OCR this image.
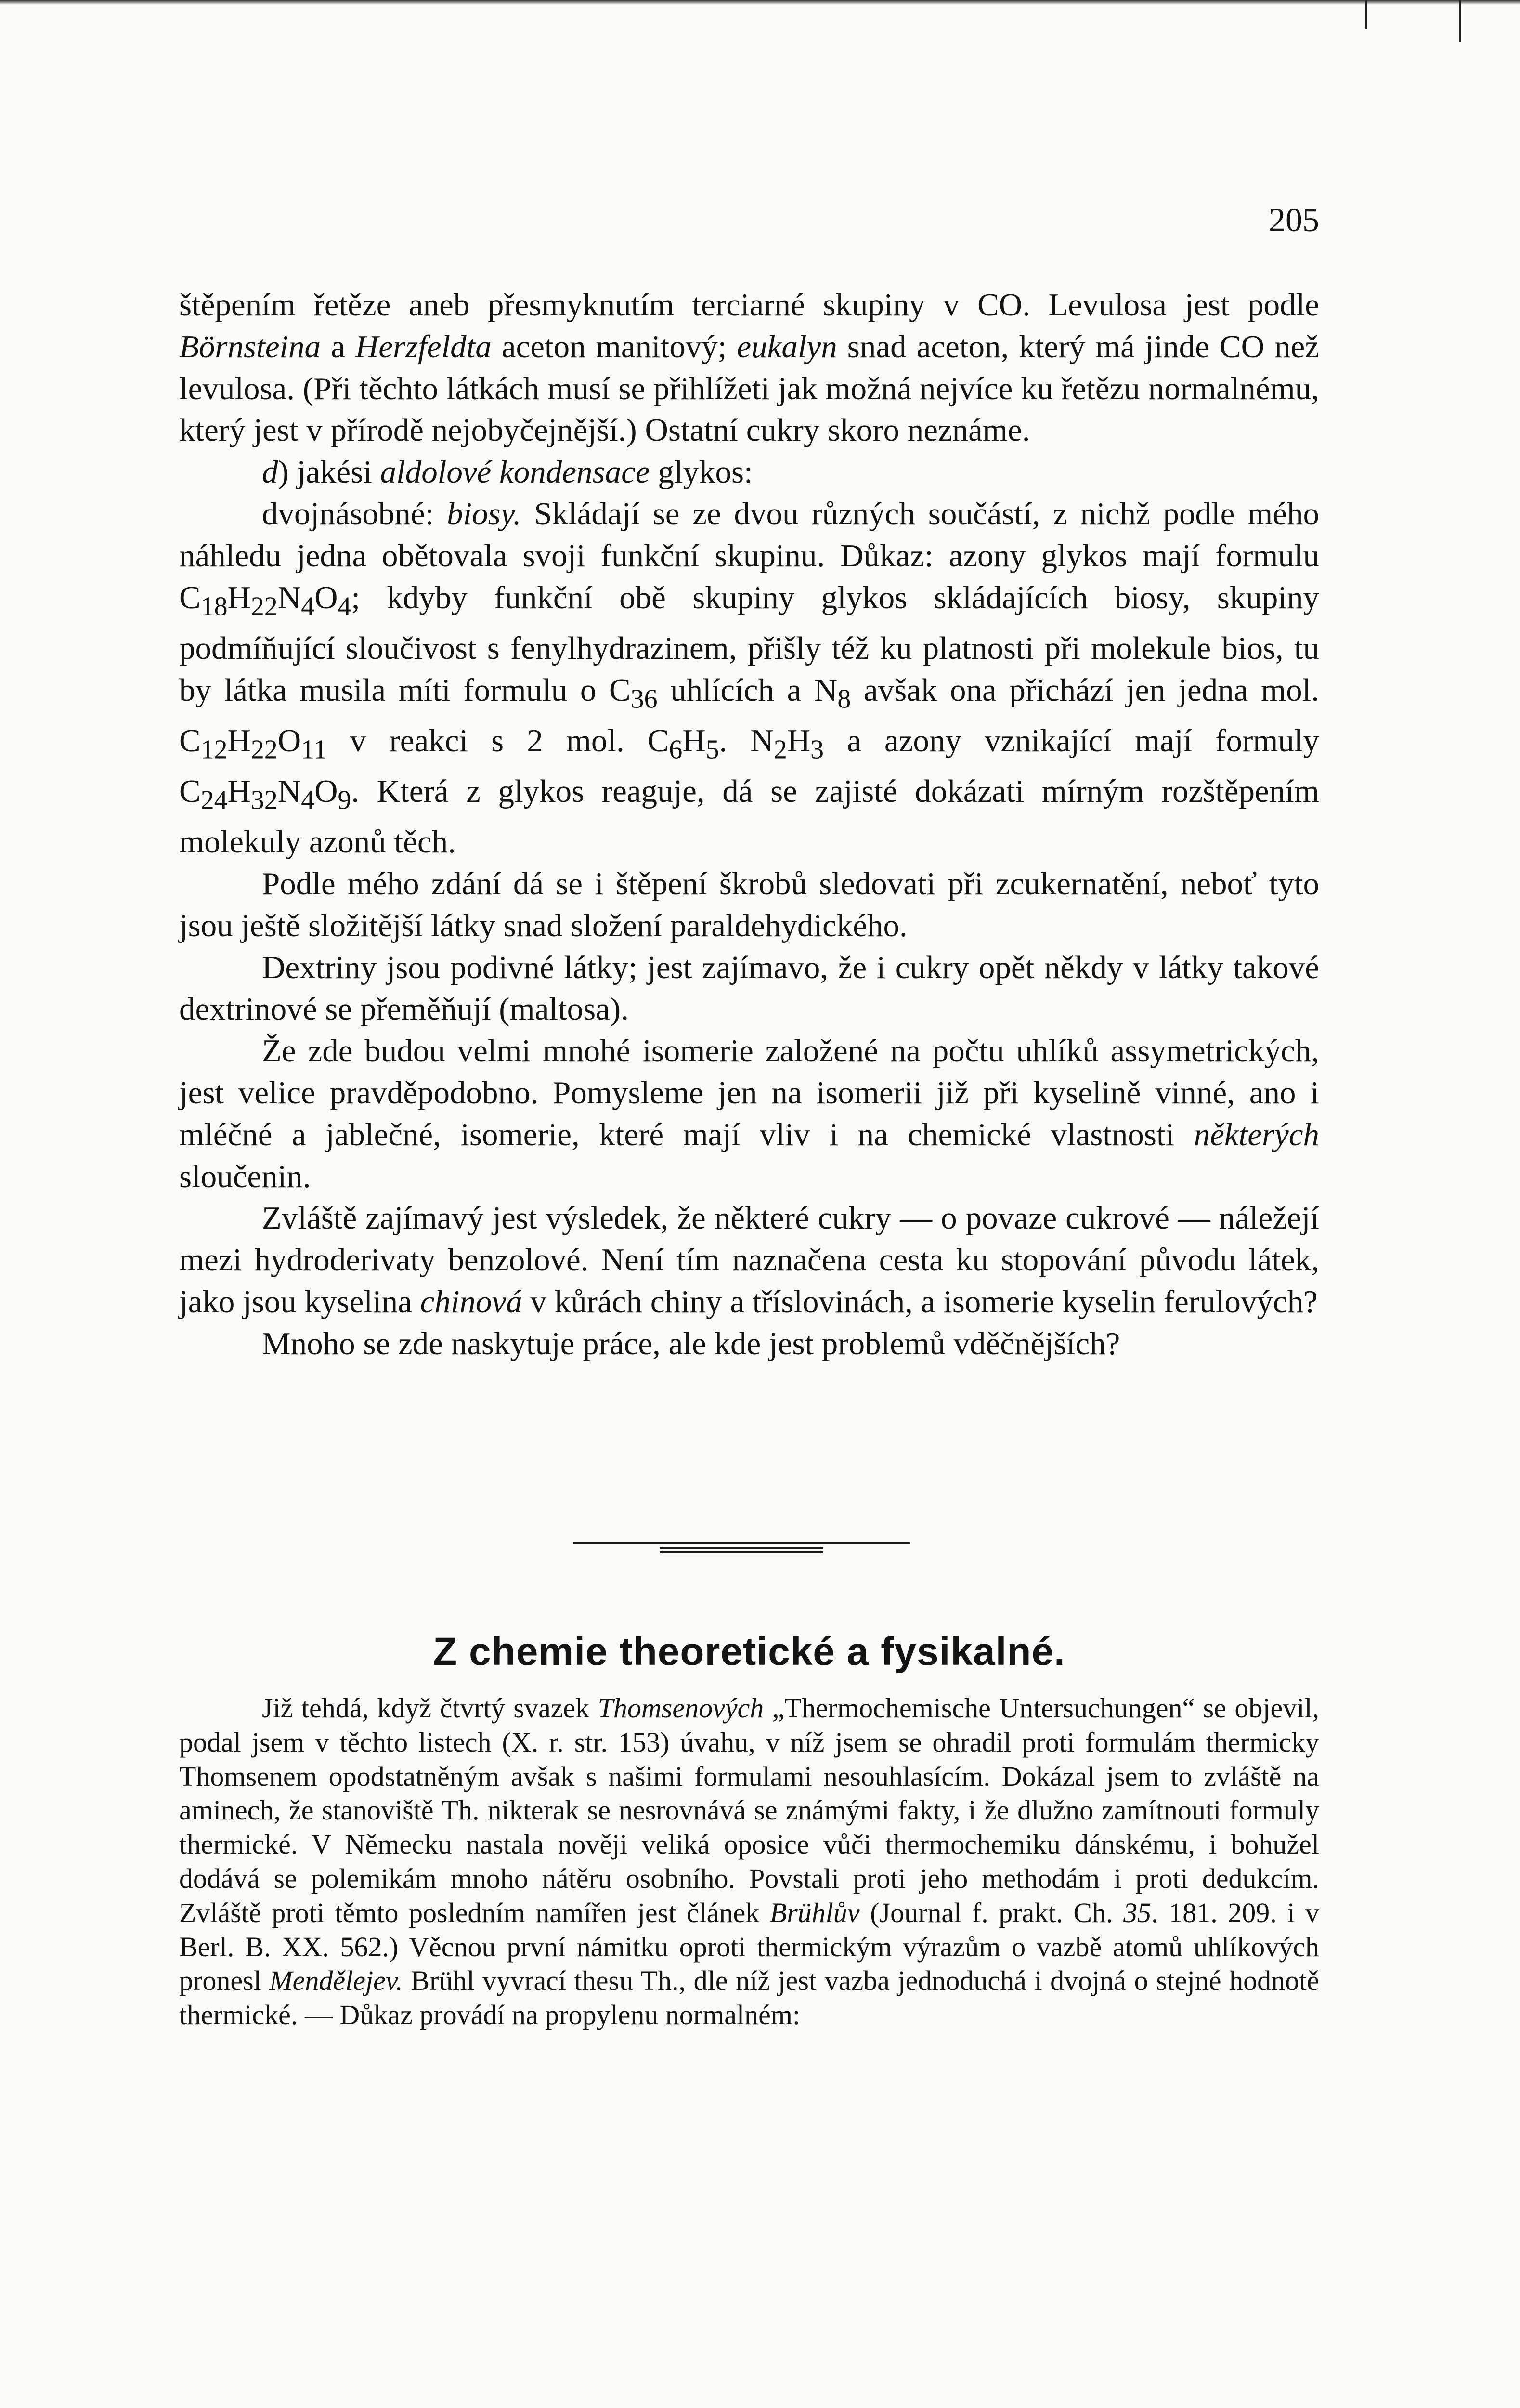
205

štěpením řetěze aneb přesmyknutím terciarné skupiny v CO. Levulosa jest podle Börnsteina a Herzfeldta aceton manitový; eukalyn snad aceton, který má jinde CO než levulosa. (Při těchto látkách musí se přihlížeti jak možná nejvíce ku řetězu normalnému, který jest v přírodě nejobyčejnější.) Ostatní cukry skoro neznáme.

d) jakési aldolové kondensace glykos:

dvojnásobné: biosy. Skládají se ze dvou různých součástí, z nichž podle mého náhledu jedna obětovala svoji funkční skupinu. Důkaz: azony glykos mají formulu $C_{18}H_{22}N_4O_4$; kdyby funkční obě skupiny glykos skládajících biosy, skupiny podmíňující sloučivost s fenylhydrazinem, přišly též ku platnosti při molekule bios, tu by látka musila míti formulu o $C_{36}$ uhlících a $N_8$ avšak ona přichází jen jedna mol. $C_{12}H_{22}O_{11}$ v reakci s 2 mol. $C_6H_5$. $N_2H_3$ a azony vznikající mají formuly $C_{24}H_{32}N_4O_9$. Která z glykos reaguje, dá se zajisté dokázati mírným rozštěpením molekuly azonů těch.

Podle mého zdání dá se i štěpení škrobů sledovati při zcukernatění, neboť tyto jsou ještě složitější látky snad složení paraldehydického.

Dextriny jsou podivné látky; jest zajímavo, že i cukry opět někdy v látky takové dextrinové se přeměňují (maltosa).

Že zde budou velmi mnohé isomerie založené na počtu uhlíků assymetrických, jest velice pravděpodobno. Pomysleme jen na isomerii již při kyselině vinné, ano i mléčné a jablečné, isomerie, které mají vliv i na chemické vlastnosti některých sloučenin.

Zvláště zajímavý jest výsledek, že některé cukry — o povaze cukrové — náležejí mezi hydroderivaty benzolové. Není tím naznačena cesta ku stopování původu látek, jako jsou kyselina chinová v kůrách chiny a tříslovinách, a isomerie kyselin ferulových?

Mnoho se zde naskytuje práce, ale kde jest problemů vděčnějších?

Z chemie theoretické a fysikalné.

Již tehdá, když čtvrtý svazek Thomsenových „Thermochemische Untersuchungen“ se objevil, podal jsem v těchto listech (X. r. str. 153) úvahu, v níž jsem se ohradil proti formulám thermicky Thomsenem opodstatněným avšak s našimi formulami nesouhlasícím. Dokázal jsem to zvláště na aminech, že stanoviště Th. nikterak se nesrovnává se známými fakty, i že dlužno zamítnouti formuly thermické. V Německu nastala nověji veliká oposice vůči thermochemiku dánskému, i bohužel dodává se polemikám mnoho nátěru osobního. Povstali proti jeho methodám i proti dedukcím. Zvláště proti těmto posledním namířen jest článek Brühlův (Journal f. prakt. Ch. 35. 181. 209. i v Berl. B. XX. 562.) Věcnou první námitku oproti thermickým výrazům o vazbě atomů uhlíkových pronesl Mendělejev. Brühl vyvrací thesu Th., dle níž jest vazba jednoduchá i dvojná o stejné hodnotě thermické. — Důkaz provádí na propylenu normalném:
